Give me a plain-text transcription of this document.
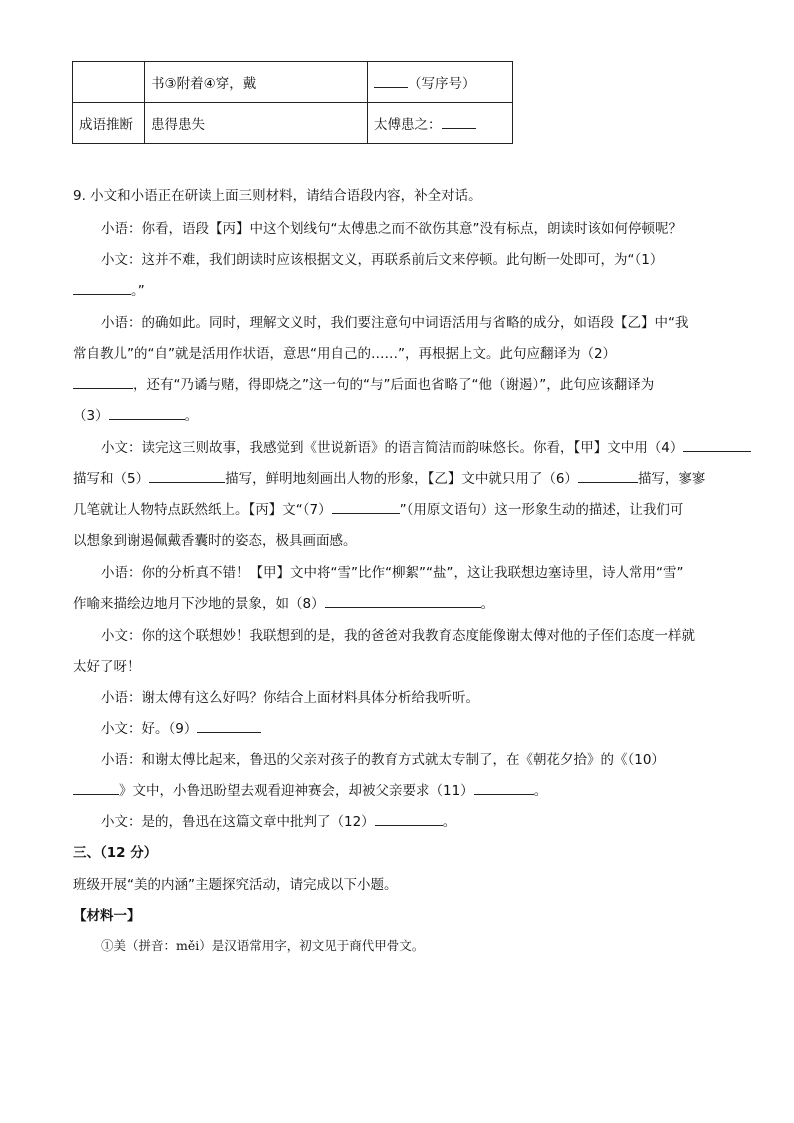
	书③附着④穿，戴	（写序号）
成语推断	患得患失	太傅患之：
9. 小文和小语正在研读上面三则材料，请结合语段内容，补全对话。
小语：你看，语段【丙】中这个划线句“太傅患之而不欲伤其意”没有标点，朗读时该如何停顿呢？
小文：这并不难，我们朗读时应该根据文义，再联系前后文来停顿。此句断一处即可，为“（1）
。”
小语：的确如此。同时，理解文义时，我们要注意句中词语活用与省略的成分，如语段【乙】中“我
常自教儿”的“自”就是活用作状语，意思“用自己的……”，再根据上文。此句应翻译为（2）
，还有“乃谲与赌，得即烧之”这一句的“与”后面也省略了“他（谢遏）”，此句应该翻译为
（3）	。
小文：读完这三则故事，我感觉到《世说新语》的语言简洁而韵味悠长。你看，【甲】文中用（4）
描写和（5）	描写，鲜明地刻画出人物的形象，【乙】文中就只用了（6）	描写，寥寥
几笔就让人物特点跃然纸上。【丙】文“（7）	”（用原文语句）这一形象生动的描述，让我们可
以想象到谢遏佩戴香囊时的姿态，极具画面感。
小语：你的分析真不错！【甲】文中将“雪”比作“柳絮”“盐”，这让我联想边塞诗里，诗人常用“雪”
作喻来描绘边地月下沙地的景象，如（8）	。
小文：你的这个联想妙！我联想到的是，我的爸爸对我教育态度能像谢太傅对他的子侄们态度一样就
太好了呀！
小语：谢太傅有这么好吗？你结合上面材料具体分析给我听听。
小文：好。（9）
小语：和谢太傅比起来，鲁迅的父亲对孩子的教育方式就太专制了，在《朝花夕拾》的《（10）
》文中，小鲁迅盼望去观看迎神赛会，却被父亲要求（11）	。
小文：是的，鲁迅在这篇文章中批判了（12）	。
三、（12 分）
班级开展“美的内涵”主题探究活动，请完成以下小题。
【材料一】
①美（拼音：měi）是汉语常用字，初文见于商代甲骨文。
